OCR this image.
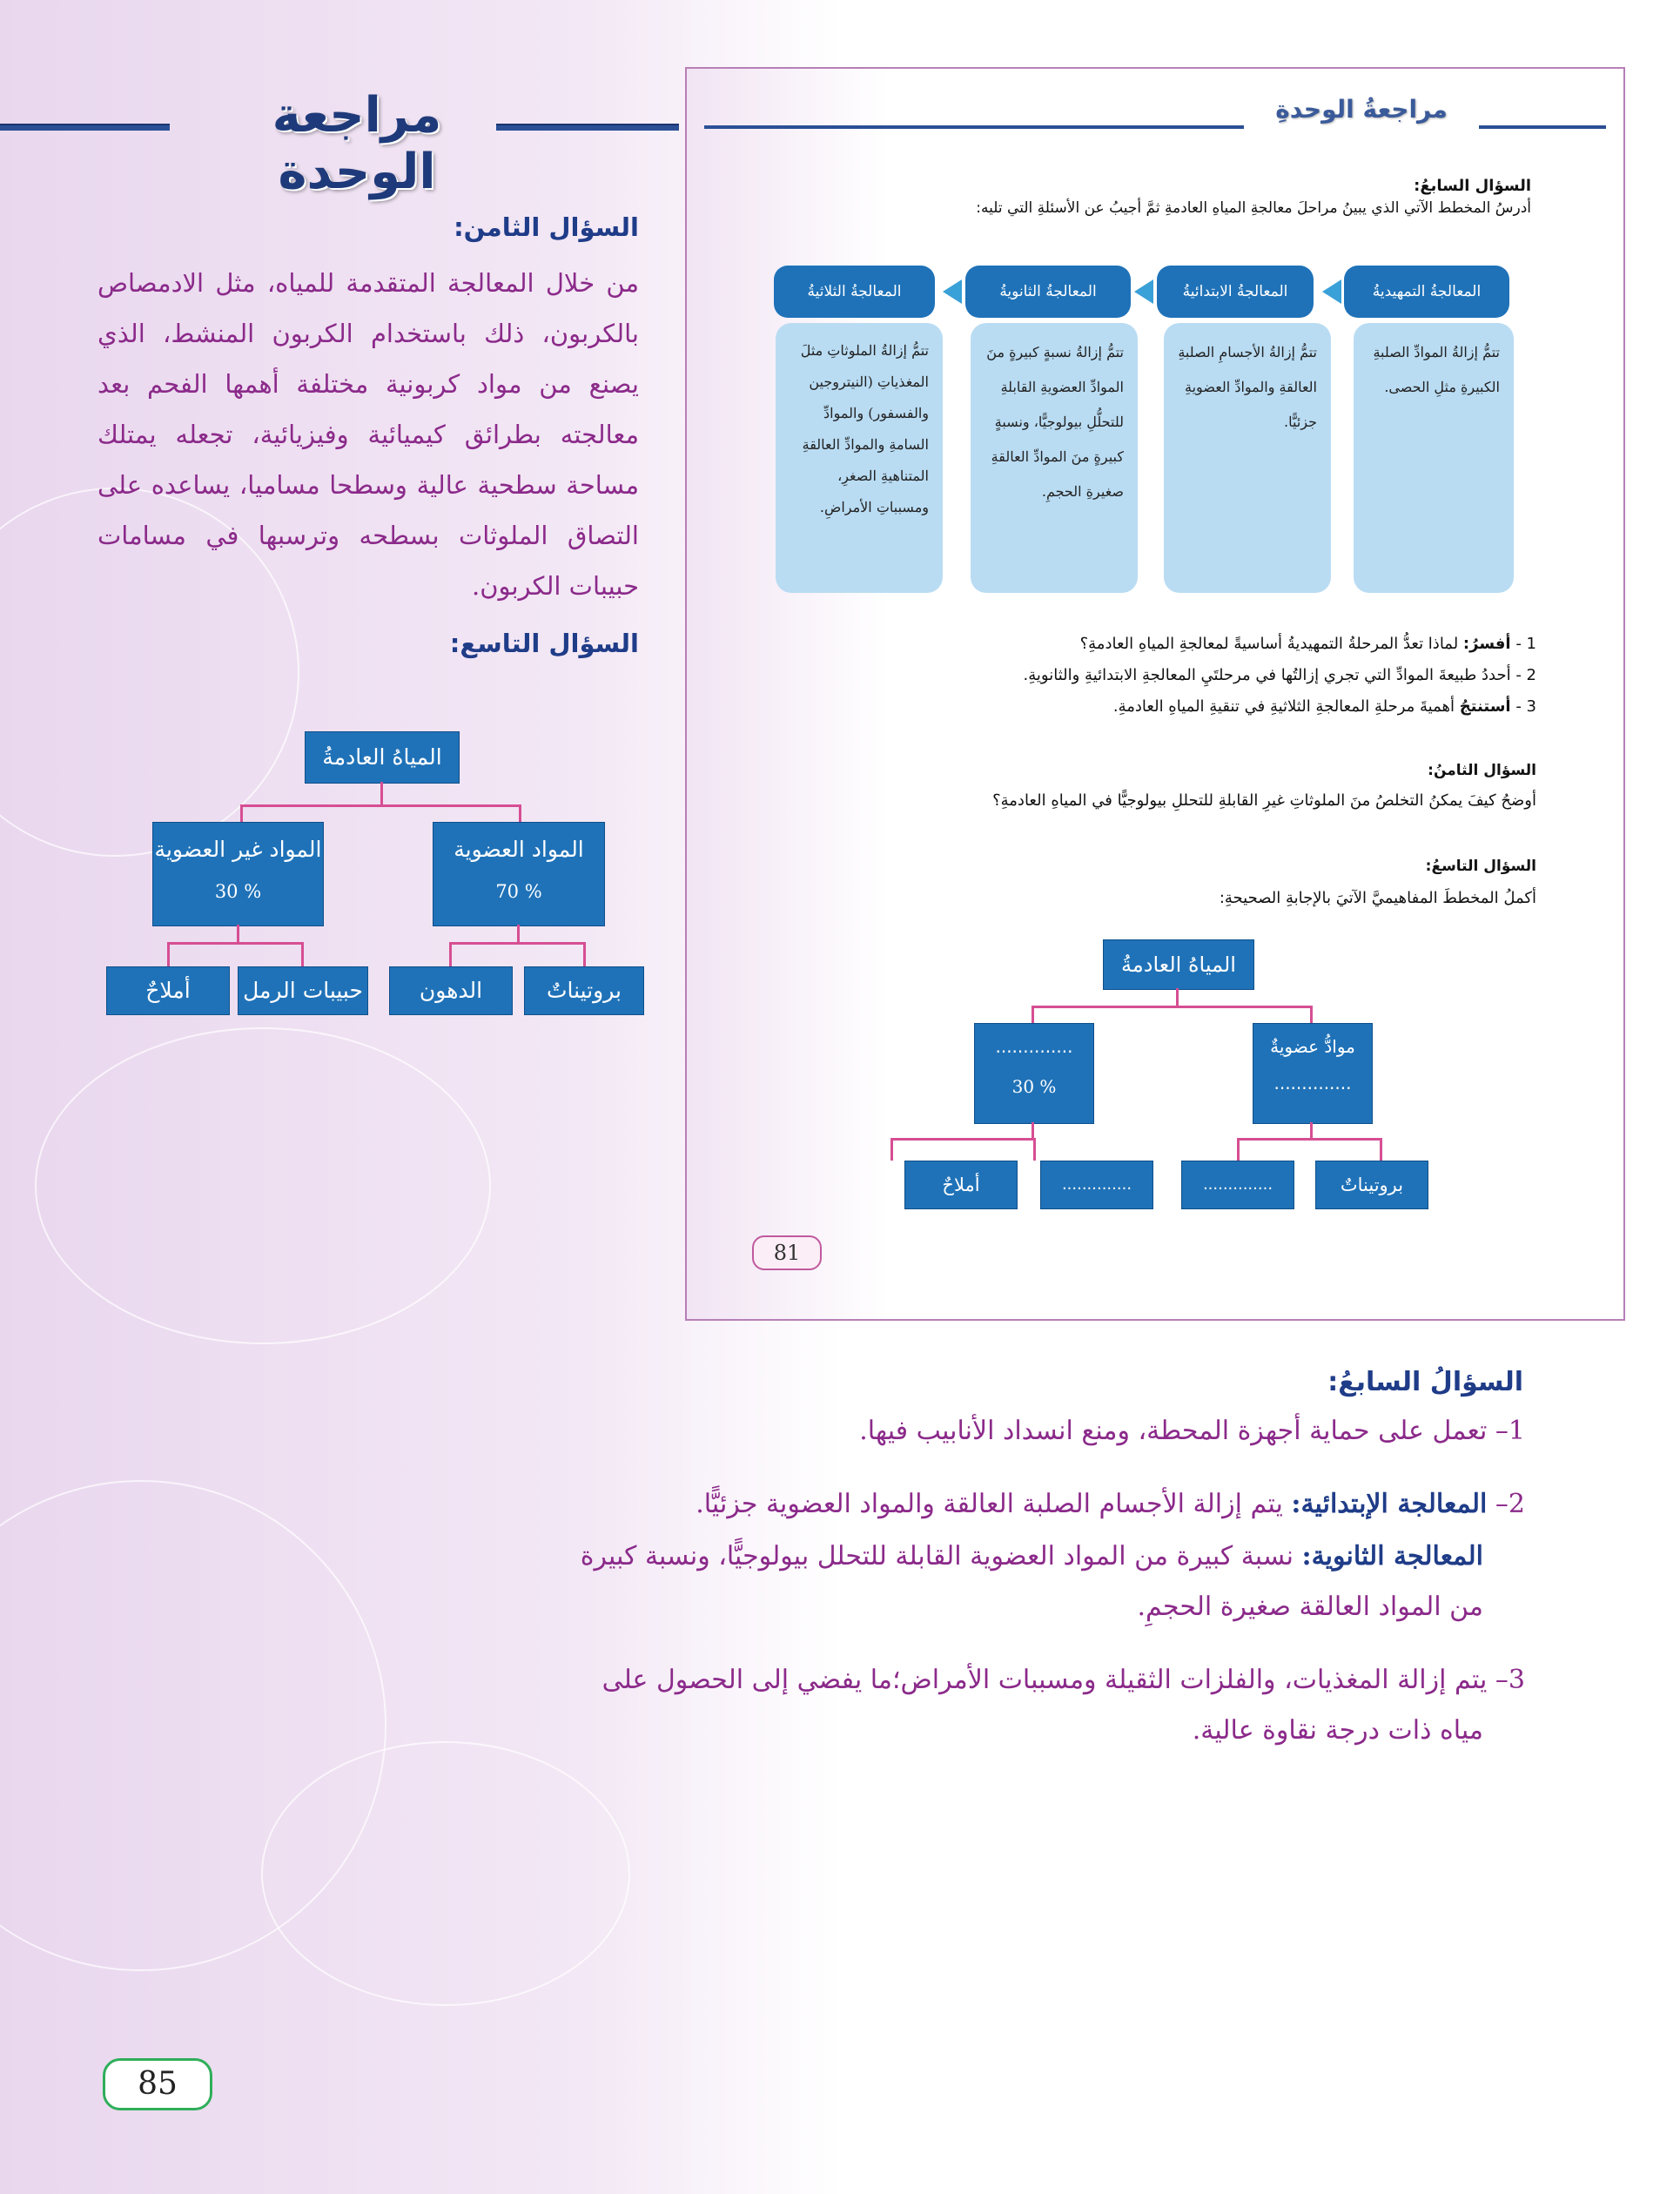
مراجعة الوحدة
السؤال الثامن:
من خلال المعالجة المتقدمة للمياه، مثل الادمصاص بالكربون، ذلك باستخدام الكربون المنشط، الذي يصنع من مواد كربونية مختلفة أهمها الفحم بعد معالجته بطرائق كيميائية وفيزيائية، تجعله يمتلك مساحة سطحية عالية وسطحا مساميا، يساعده على التصاق الملوثات بسطحه وترسبها في مسامات حبيبات الكربون.
السؤال التاسع:
المياهُ العادمةُ
المواد غير العضوية
30 %
المواد العضوية
70 %
أملاحٌ	حبيبات الرمل	الدهون	بروتيناتٌ
مراجعةُ الوحدةِ
السؤال السابعُ:
أدرسُ المخطط الآتي الذي يبينُ مراحلَ معالجةِ المياهِ العادمةِ ثمَّ أجيبُ عن الأسئلةِ التي تليه:
المعالجةُ التمهيديةُ
المعالجةُ الابتدائيةُ
المعالجةُ الثانويةُ
المعالجةُ الثلاثيةُ
تتمُّ إزالةُ الموادِّ الصلبةِ الكبيرةِ مثلِ الحصى.
تتمُّ إزالةُ الأجسامِ الصلبةِ العالقةِ والموادِّ العضويةِ جزئيًّا.
تتمُّ إزالةُ نسبةٍ كبيرةٍ منَ الموادِّ العضويةِ القابلةِ للتحلُّلِ بيولوجيًّا، ونسبةٍ كبيرةٍ منَ الموادِّ العالقةِ صغيرةِ الحجمِ.
تتمُّ إزالةُ الملوثاتِ مثلَ المغذياتِ (النيتروجين والفسفور) والموادِّ السامةِ والموادِّ العالقةِ المتناهيةِ الصغرِ، ومسبباتِ الأمراضِ.
1 - أفسرُ: لماذا تعدُّ المرحلةُ التمهيديةُ أساسيةً لمعالجةِ المياهِ العادمةِ؟
2 - أحددُ طبيعةَ الموادِّ التي تجري إزالتُها في مرحلتَيِ المعالجةِ الابتدائيةِ والثانويةِ.
3 - أستنتجُ أهميةَ مرحلةِ المعالجةِ الثلاثيةِ في تنقيةِ المياهِ العادمةِ.
السؤال الثامنُ:
أوضحُ كيفَ يمكنُ التخلصُ منَ الملوثاتِ غيرِ القابلةِ للتحللِ بيولوجيًّا في المياهِ العادمةِ؟
السؤال التاسعُ:
أكملُ المخططَ المفاهيميَّ الآتيَ بالإجابةِ الصحيحةِ:
المياهُ العادمةُ
..............
30 %
موادُّ عضويةٌ
..............
أملاحٌ	..............	..............	بروتيناتٌ
81
السؤالُ السابعُ:
1– تعمل على حماية أجهزة المحطة، ومنع انسداد الأنابيب فيها.
2– المعالجة الإبتدائية: يتم إزالة الأجسام الصلبة العالقة والمواد العضوية جزئيًّا.
المعالجة الثانوية: نسبة كبيرة من المواد العضوية القابلة للتحلل بيولوجيًّا، ونسبة كبيرة
من المواد العالقة صغيرة الحجمِ.
3– يتم إزالة المغذيات، والفلزات الثقيلة ومسببات الأمراض؛ما يفضي إلى الحصول على
مياه ذات درجة نقاوة عالية.
85
